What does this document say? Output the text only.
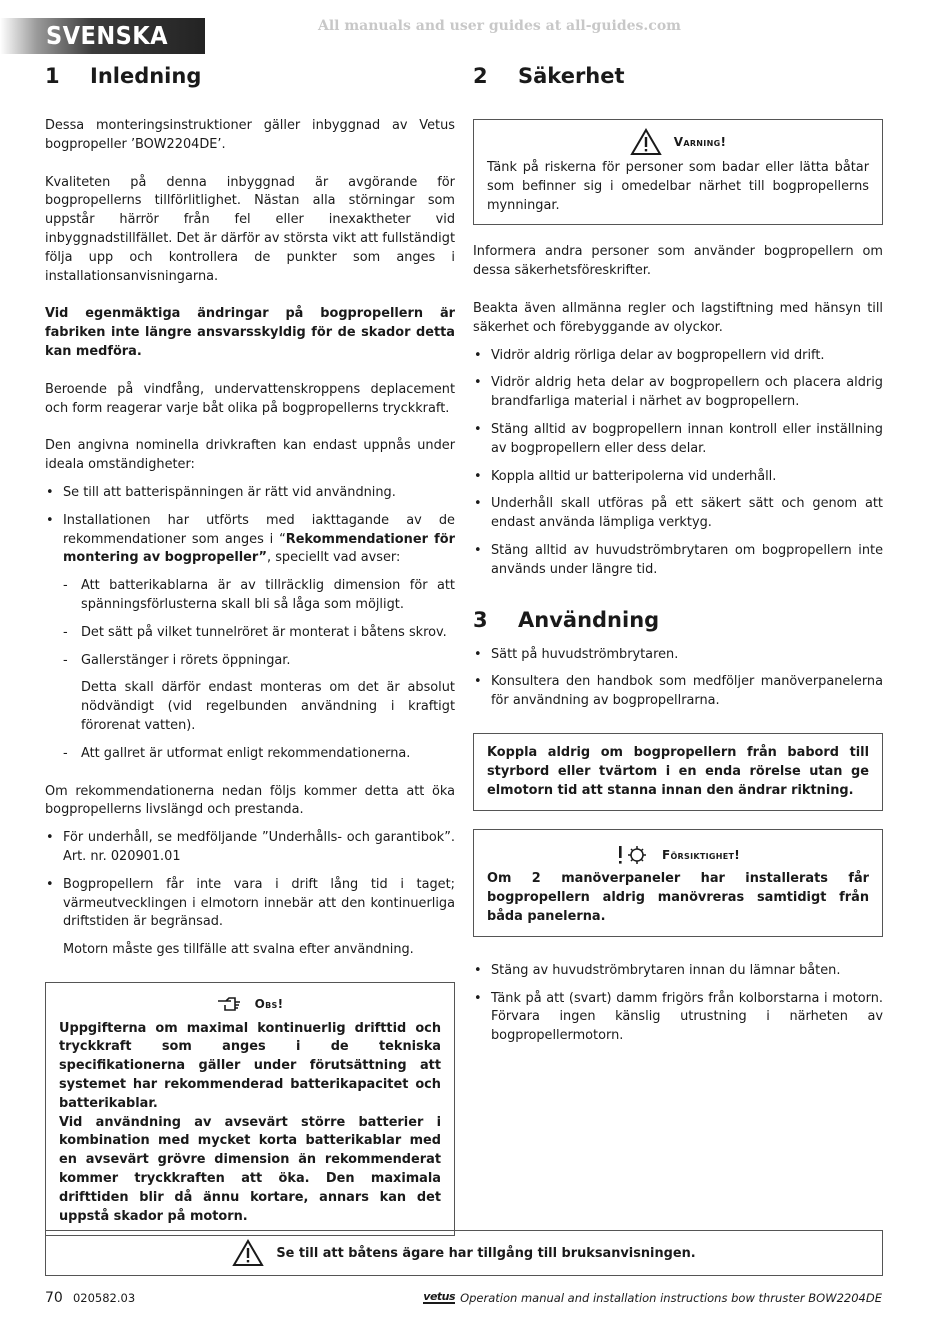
SVENSKA	All manuals and user guides at all-guides.com
1	Inledning

Dessa monteringsinstruktioner gäller inbyggnad av Vetus bogpropeller ’BOW2204DE’.

Kvaliteten på denna inbyggnad är avgörande för bogpropellerns tillförlitlighet. Nästan alla störningar som uppstår härrör från fel eller inexaktheter vid inbyggnadstillfället. Det är därför av största vikt att fullständigt följa upp och kontrollera de punkter som anges i installationsanvisningarna.

Vid egenmäktiga ändringar på bogpropellern är fabriken inte längre ansvarsskyldig för de skador detta kan medföra.

Beroende på vindfång, undervattenskroppens deplacement och form reagerar varje båt olika på bogpropellerns tryckkraft.

Den angivna nominella drivkraften kan endast uppnås under ideala omständigheter:

• Se till att batterispänningen är rätt vid användning.
• Installationen har utförts med iakttagande av de rekommendationer som anges i “Rekommendationer för montering av bogpropeller”, speciellt vad avser:
- Att batterikablarna är av tillräcklig dimension för att spänningsförlusterna skall bli så låga som möjligt.
- Det sätt på vilket tunnelröret är monterat i båtens skrov.
- Gallerstänger i rörets öppningar.
Detta skall därför endast monteras om det är absolut nödvändigt (vid regelbunden användning i kraftigt förorenat vatten).
- Att gallret är utformat enligt rekommendationerna.

Om rekommendationerna nedan följs kommer detta att öka bogpropellerns livslängd och prestanda.

• För underhåll, se medföljande ”Underhålls- och garantibok”. Art. nr. 020901.01
• Bogpropellern får inte vara i drift lång tid i taget; värmeutvecklingen i elmotorn innebär att den kontinuerliga driftstiden är begränsad.
Motorn måste ges tillfälle att svalna efter användning.
Obs!

Uppgifterna om maximal kontinuerlig drifttid och tryckkraft som anges i de tekniska specifikationerna gäller under förutsättning att systemet har rekommenderad batterikapacitet och batterikablar.

Vid användning av avsevärt större batterier i kombination med mycket korta batterikablar med en avsevärt grövre dimension än rekommenderat kommer tryckkraften att öka. Den maximala drifttiden blir då ännu kortare, annars kan det uppstå skador på motorn.

2	Säkerhet
Varning!

Tänk på riskerna för personer som badar eller lätta båtar som befinner sig i omedelbar närhet till bogpropellerns mynningar.

Informera andra personer som använder bogpropellern om dessa säkerhetsföreskrifter.

Beakta även allmänna regler och lagstiftning med hänsyn till säkerhet och förebyggande av olyckor.

• Vidrör aldrig rörliga delar av bogpropellern vid drift.
• Vidrör aldrig heta delar av bogpropellern och placera aldrig brandfarliga material i närhet av bogpropellern.
• Stäng alltid av bogpropellern innan kontroll eller inställning av bogpropellern eller dess delar.
• Koppla alltid ur batteripolerna vid underhåll.
• Underhåll skall utföras på ett säkert sätt och genom att endast använda lämpliga verktyg.
• Stäng alltid av huvudströmbrytaren om bogpropellern inte används under längre tid.
3	Användning
• Sätt på huvudströmbrytaren.
• Konsultera den handbok som medföljer manöverpanelerna för användning av bogpropellrarna.

Koppla aldrig om bogpropellern från babord till styrbord eller tvärtom i en enda rörelse utan ge elmotorn tid att stanna innan den ändrar riktning.

Försiktighet!

Om 2 manöverpaneler har installerats får bogpropellern aldrig manövreras samtidigt från båda panelerna.

• Stäng av huvudströmbrytaren innan du lämnar båten.
• Tänk på att (svart) damm frigörs från kolborstarna i motorn. Förvara ingen känslig utrustning i närheten av bogpropellermotorn.
Se till att båtens ägare har tillgång till bruksanvisningen.
70 020582.03	vetus Operation manual and installation instructions bow thruster BOW2204DE
